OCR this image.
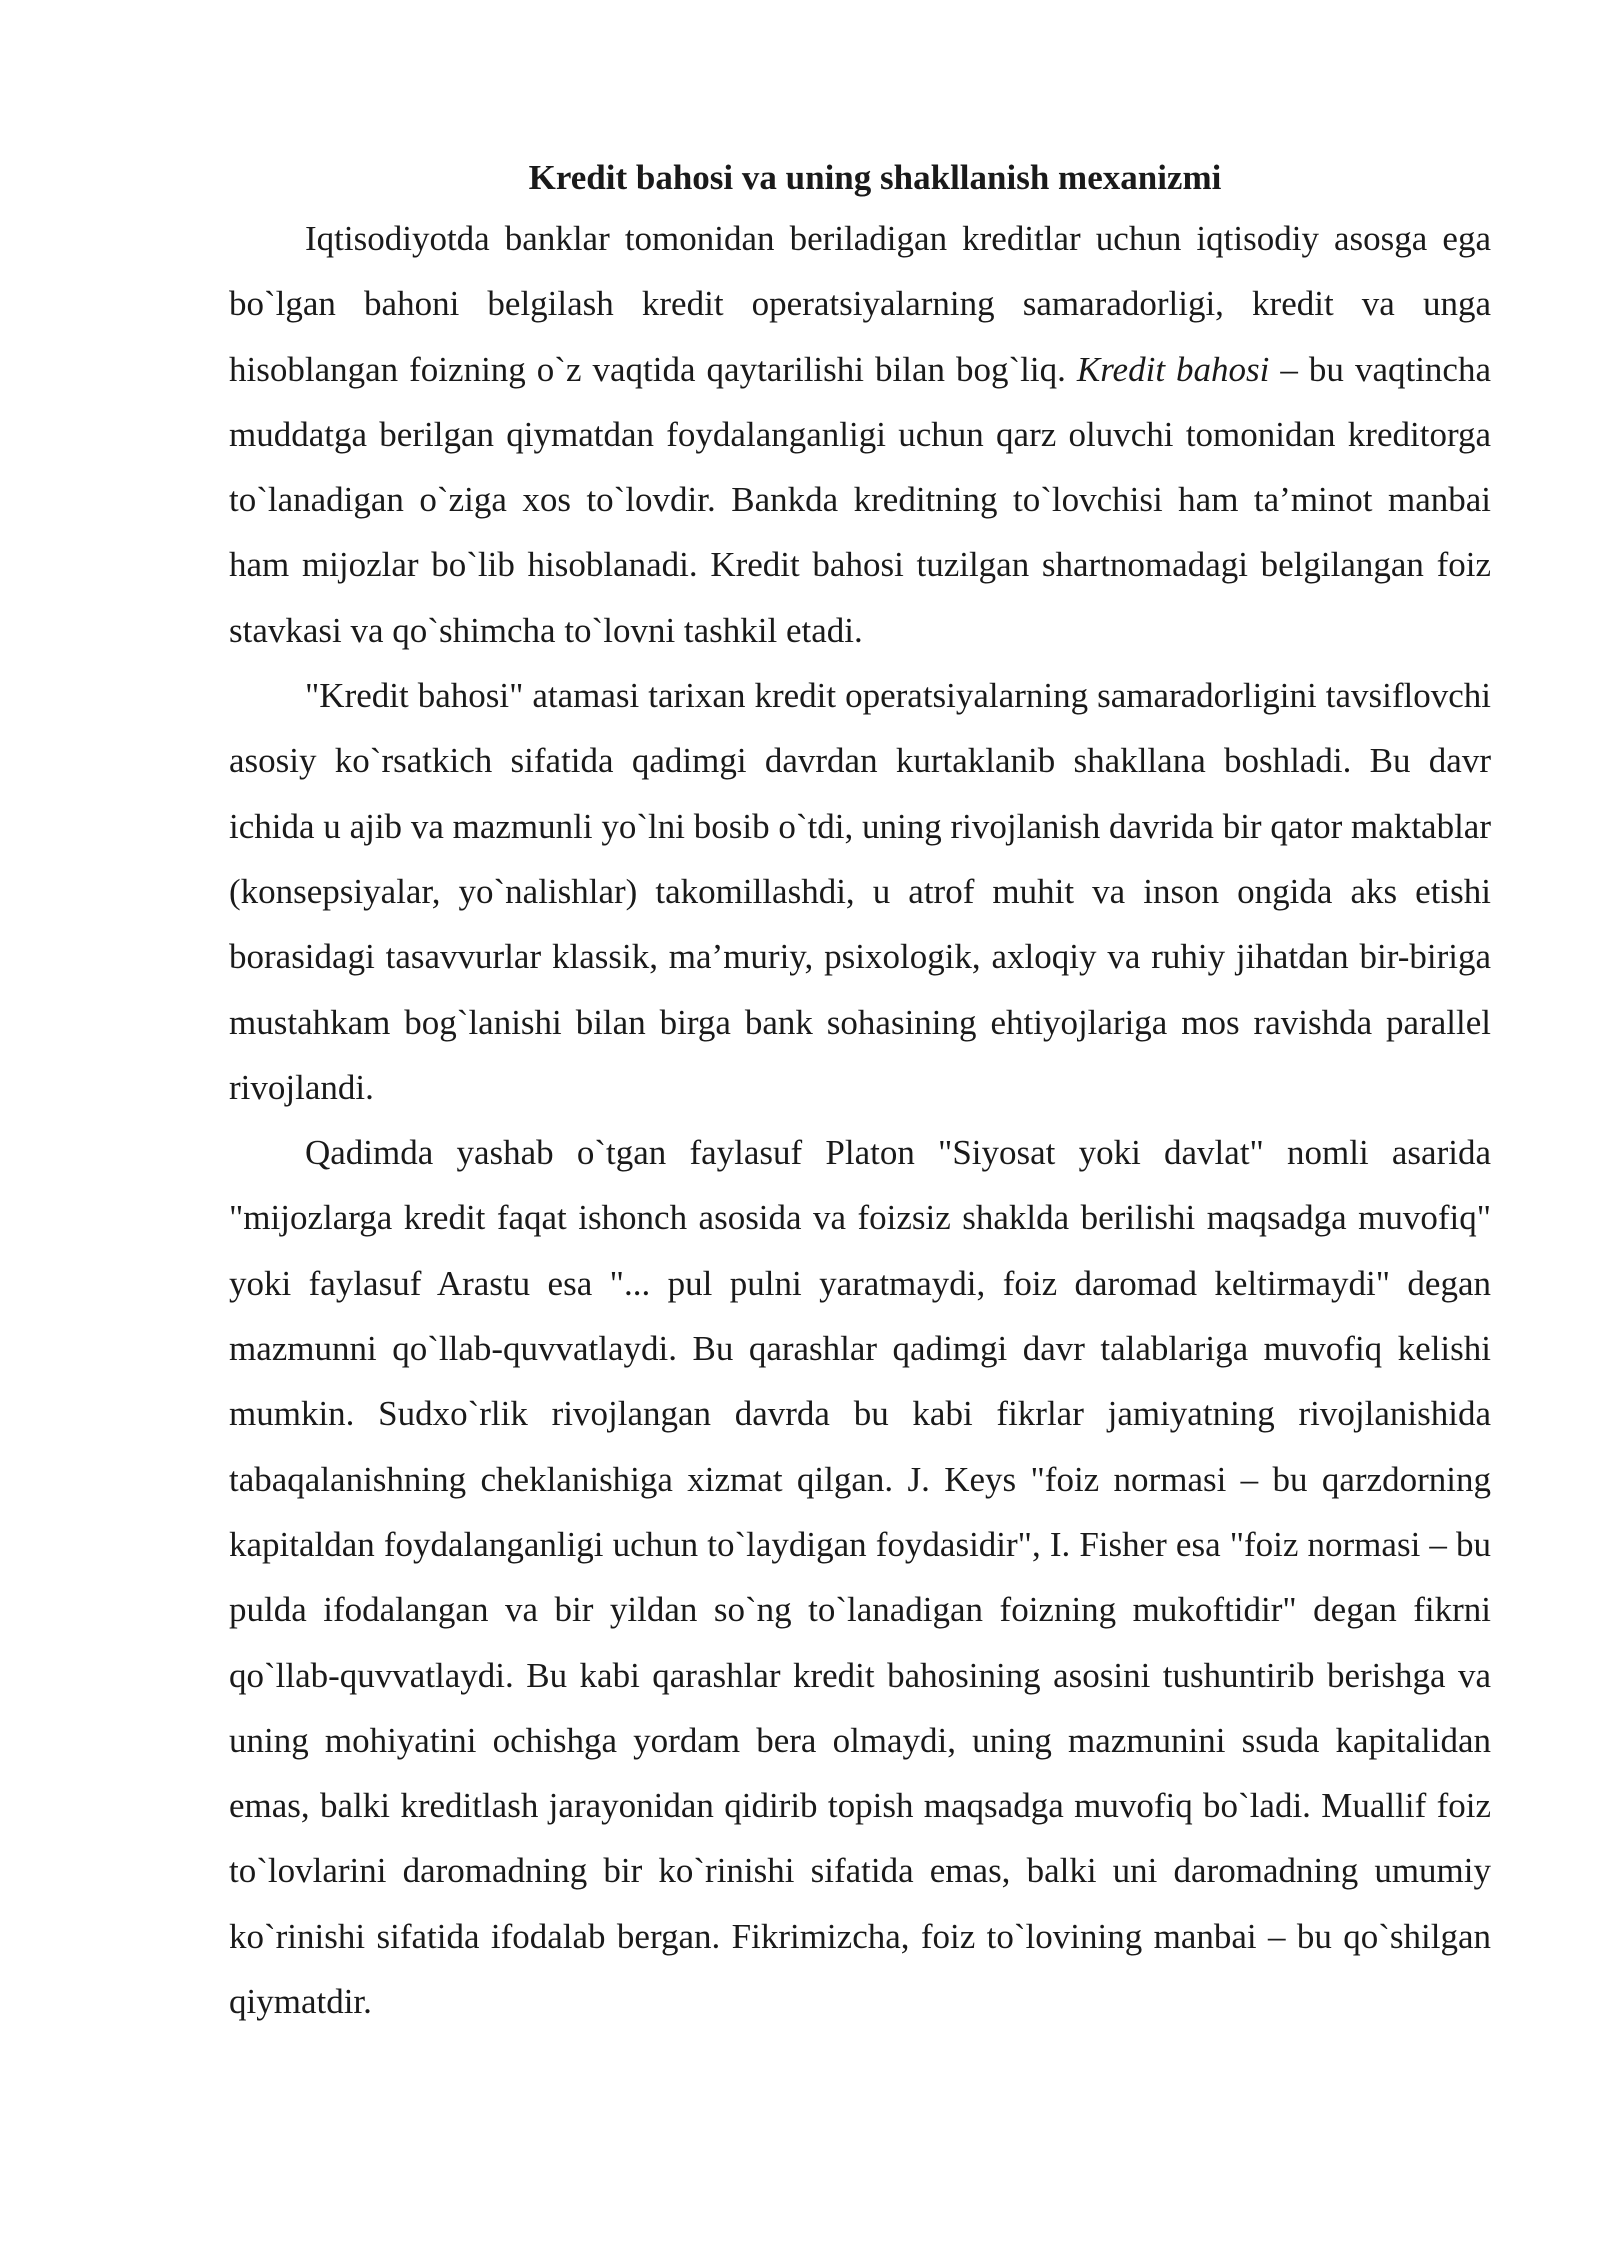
Kredit bahosi va uning shakllanish mexanizmi

Iqtisodiyotda banklar tomonidan beriladigan kreditlar uchun iqtisodiy asosga ega bo`lgan bahoni belgilash kredit operatsiyalarning samaradorligi, kredit va unga hisoblangan foizning o`z vaqtida qaytarilishi bilan bog`liq. Kredit bahosi – bu vaqtincha muddatga berilgan qiymatdan foydalanganligi uchun qarz oluvchi tomonidan kreditorga to`lanadigan o`ziga xos to`lovdir. Bankda kreditning to`lovchisi ham ta’minot manbai ham mijozlar bo`lib hisoblanadi. Kredit bahosi tuzilgan shartnomadagi belgilangan foiz stavkasi va qo`shimcha to`lovni tashkil etadi.

"Kredit bahosi" atamasi tarixan kredit operatsiyalarning samaradorligini tavsiflovchi asosiy ko`rsatkich sifatida qadimgi davrdan kurtaklanib shakllana boshladi. Bu davr ichida u ajib va mazmunli yo`lni bosib o`tdi, uning rivojlanish davrida bir qator maktablar (konsepsiyalar, yo`nalishlar) takomillashdi, u atrof muhit va inson ongida aks etishi borasidagi tasavvurlar klassik, ma’muriy, psixologik, axloqiy va ruhiy jihatdan bir-biriga mustahkam bog`lanishi bilan birga bank sohasining ehtiyojlariga mos ravishda parallel rivojlandi.

Qadimda yashab o`tgan faylasuf Platon "Siyosat yoki davlat" nomli asarida "mijozlarga kredit faqat ishonch asosida va foizsiz shaklda berilishi maqsadga muvofiq" yoki faylasuf Arastu esa "... pul pulni yaratmaydi, foiz daromad keltirmaydi" degan mazmunni qo`llab-quvvatlaydi. Bu qarashlar qadimgi davr talablariga muvofiq kelishi mumkin. Sudxo`rlik rivojlangan davrda bu kabi fikrlar jamiyatning rivojlanishida tabaqalanishning cheklanishiga xizmat qilgan. J. Keys "foiz normasi – bu qarzdorning kapitaldan foydalanganligi uchun to`laydigan foydasidir", I. Fisher esa "foiz normasi – bu pulda ifodalangan va bir yildan so`ng to`lanadigan foizning mukoftidir" degan fikrni qo`llab-quvvatlaydi. Bu kabi qarashlar kredit bahosining asosini tushuntirib berishga va uning mohiyatini ochishga yordam bera olmaydi, uning mazmunini ssuda kapitalidan emas, balki kreditlash jarayonidan qidirib topish maqsadga muvofiq bo`ladi. Muallif foiz to`lovlarini daromadning bir ko`rinishi sifatida emas, balki uni daromadning umumiy ko`rinishi sifatida ifodalab bergan. Fikrimizcha, foiz to`lovining manbai – bu qo`shilgan qiymatdir.
